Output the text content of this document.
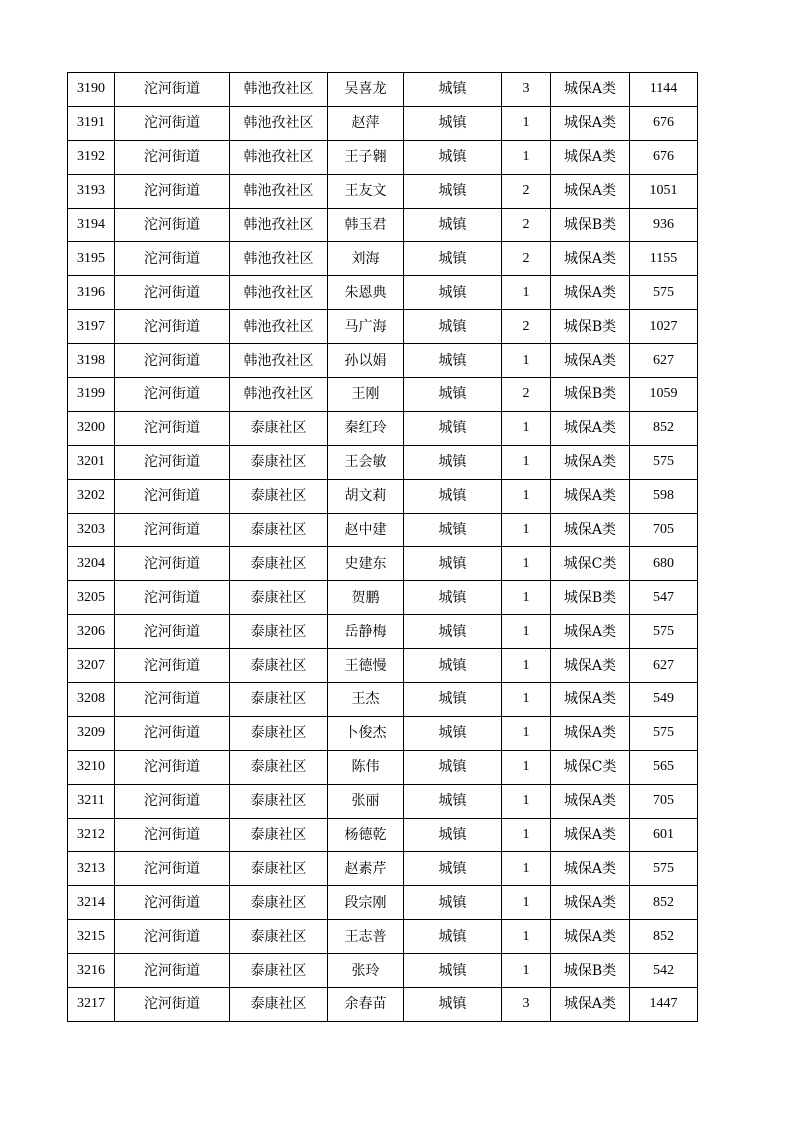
3190	沱河街道	韩池孜社区	吴喜龙	城镇	3	城保A类	1144
3191	沱河街道	韩池孜社区	赵萍	城镇	1	城保A类	676
3192	沱河街道	韩池孜社区	王子翱	城镇	1	城保A类	676
3193	沱河街道	韩池孜社区	王友文	城镇	2	城保A类	1051
3194	沱河街道	韩池孜社区	韩玉君	城镇	2	城保B类	936
3195	沱河街道	韩池孜社区	刘海	城镇	2	城保A类	1155
3196	沱河街道	韩池孜社区	朱恩典	城镇	1	城保A类	575
3197	沱河街道	韩池孜社区	马广海	城镇	2	城保B类	1027
3198	沱河街道	韩池孜社区	孙以娟	城镇	1	城保A类	627
3199	沱河街道	韩池孜社区	王刚	城镇	2	城保B类	1059
3200	沱河街道	泰康社区	秦红玲	城镇	1	城保A类	852
3201	沱河街道	泰康社区	王会敏	城镇	1	城保A类	575
3202	沱河街道	泰康社区	胡文莉	城镇	1	城保A类	598
3203	沱河街道	泰康社区	赵中建	城镇	1	城保A类	705
3204	沱河街道	泰康社区	史建东	城镇	1	城保C类	680
3205	沱河街道	泰康社区	贺鹏	城镇	1	城保B类	547
3206	沱河街道	泰康社区	岳静梅	城镇	1	城保A类	575
3207	沱河街道	泰康社区	王德慢	城镇	1	城保A类	627
3208	沱河街道	泰康社区	王杰	城镇	1	城保A类	549
3209	沱河街道	泰康社区	卜俊杰	城镇	1	城保A类	575
3210	沱河街道	泰康社区	陈伟	城镇	1	城保C类	565
3211	沱河街道	泰康社区	张丽	城镇	1	城保A类	705
3212	沱河街道	泰康社区	杨德乾	城镇	1	城保A类	601
3213	沱河街道	泰康社区	赵素芹	城镇	1	城保A类	575
3214	沱河街道	泰康社区	段宗刚	城镇	1	城保A类	852
3215	沱河街道	泰康社区	王志普	城镇	1	城保A类	852
3216	沱河街道	泰康社区	张玲	城镇	1	城保B类	542
3217	沱河街道	泰康社区	余春苗	城镇	3	城保A类	1447
